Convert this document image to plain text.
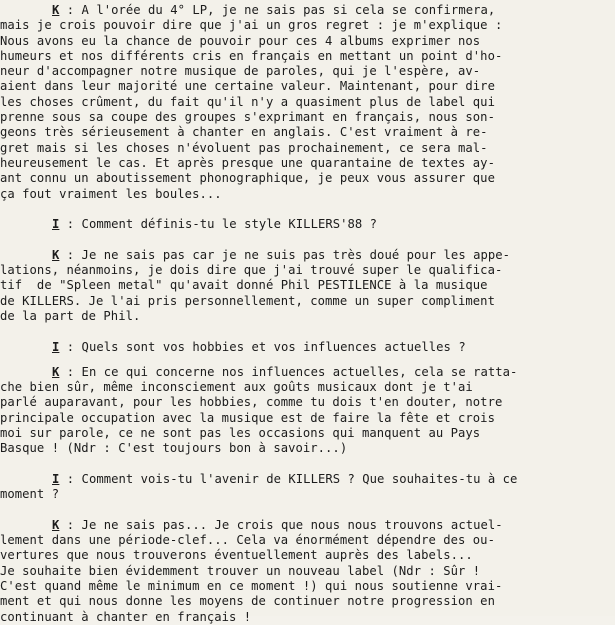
K : A l'orée du 4° LP, je ne sais pas si cela se confirmera,
mais je crois pouvoir dire que j'ai un gros regret : je m'explique :
Nous avons eu la chance de pouvoir pour ces 4 albums exprimer nos
humeurs et nos différents cris en français en mettant un point d'ho-
neur d'accompagner notre musique de paroles, qui je l'espère, av-
aient dans leur majorité une certaine valeur. Maintenant, pour dire
les choses crûment, du fait qu'il n'y a quasiment plus de label qui
prenne sous sa coupe des groupes s'exprimant en français, nous son-
geons très sérieusement à chanter en anglais. C'est vraiment à re-
gret mais si les choses n'évoluent pas prochainement, ce sera mal-
heureusement le cas. Et après presque une quarantaine de textes ay-
ant connu un aboutissement phonographique, je peux vous assurer que
ça fout vraiment les boules...
I : Comment définis-tu le style KILLERS'88 ?
K : Je ne sais pas car je ne suis pas très doué pour les appe-
lations, néanmoins, je dois dire que j'ai trouvé super le qualifica-
tif  de "Spleen metal" qu'avait donné Phil PESTILENCE à la musique
de KILLERS. Je l'ai pris personnellement, comme un super compliment
de la part de Phil.
I : Quels sont vos hobbies et vos influences actuelles ?
K : En ce qui concerne nos influences actuelles, cela se ratta-
che bien sûr, même inconsciement aux goûts musicaux dont je t'ai
parlé auparavant, pour les hobbies, comme tu dois t'en douter, notre
principale occupation avec la musique est de faire la fête et crois
moi sur parole, ce ne sont pas les occasions qui manquent au Pays
Basque ! (Ndr : C'est toujours bon à savoir...)
I : Comment vois-tu l'avenir de KILLERS ? Que souhaites-tu à ce
moment ?
K : Je ne sais pas... Je crois que nous nous trouvons actuel-
lement dans une période-clef... Cela va énormément dépendre des ou-
vertures que nous trouverons éventuellement auprès des labels...
Je souhaite bien évidemment trouver un nouveau label (Ndr : Sûr !
C'est quand même le minimum en ce moment !) qui nous soutienne vrai-
ment et qui nous donne les moyens de continuer notre progression en
continuant à chanter en français !
